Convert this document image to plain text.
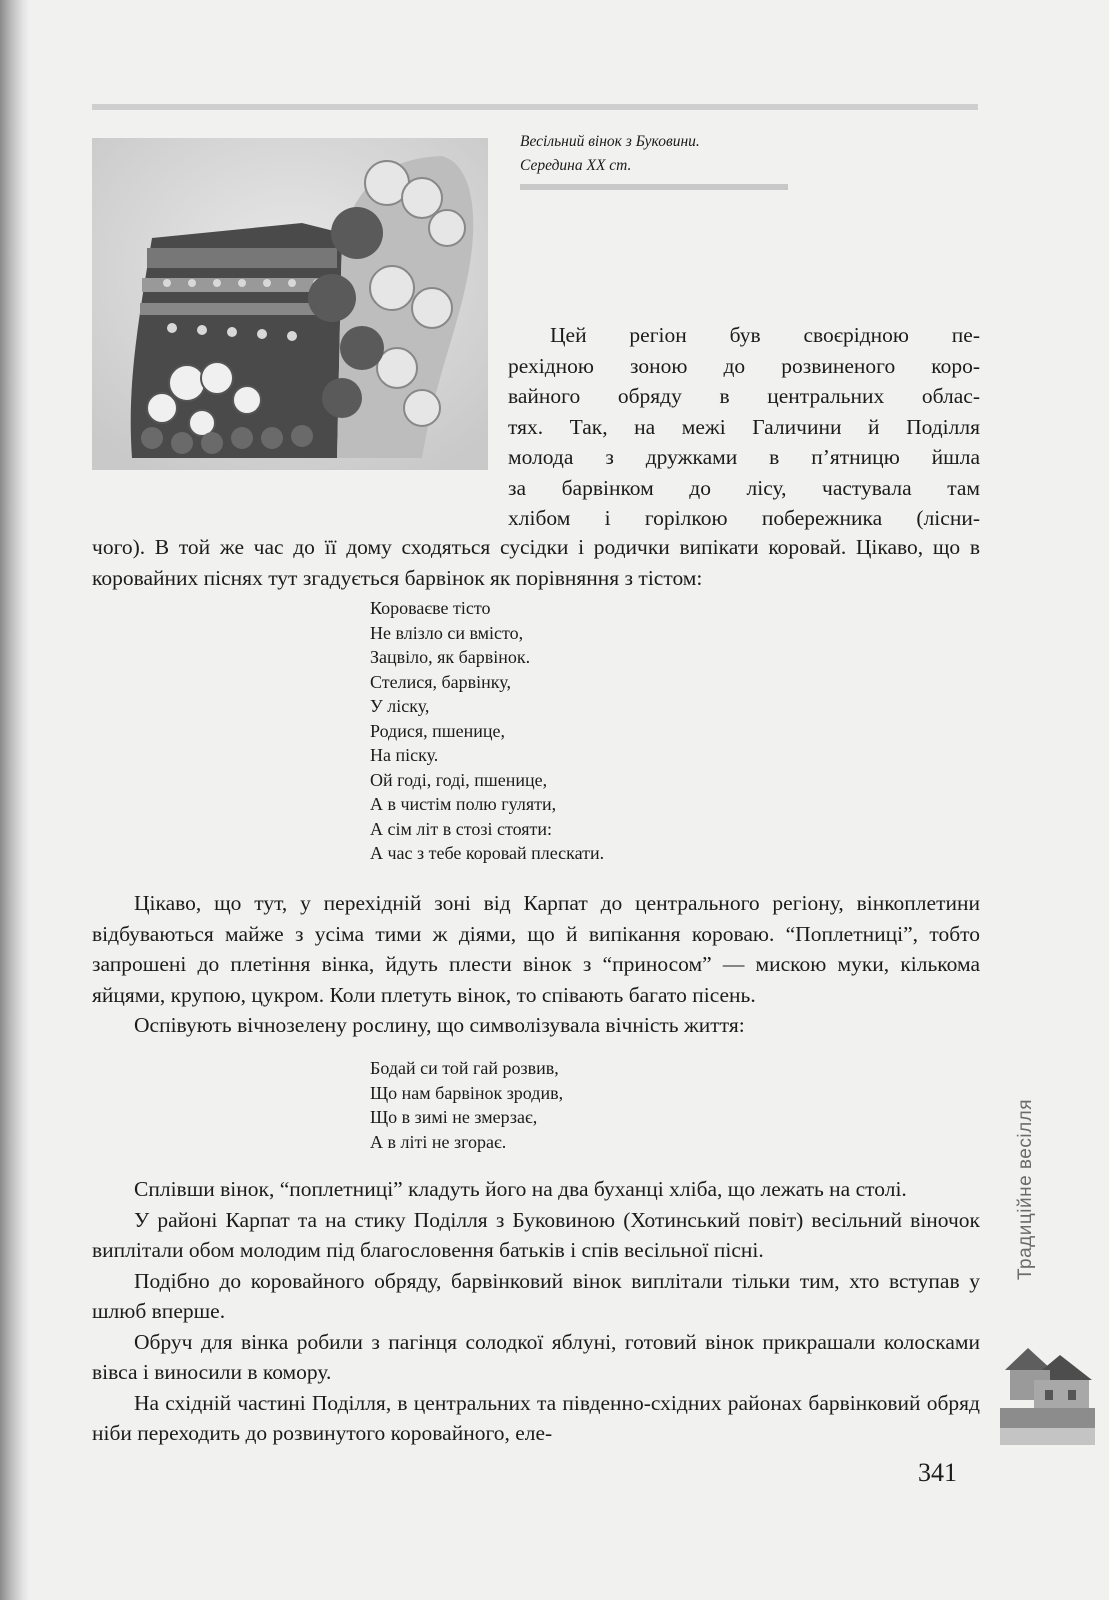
Весільний вінок з Буковини.
Середина XX ст.
Цей регіон був своєрідною пе-
рехідною зоною до розвиненого коро-
вайного обряду в центральних облас-
тях. Так, на межі Галичини й Поділля
молода з дружками в п’ятницю йшла
за барвінком до лісу, частувала там
хлібом і горілкою побережника (лісни-

чого). В той же час до її дому сходяться сусідки і родички випікати коровай. Цікаво, що в коровайних піснях тут згадується барвінок як порівняння з тістом:

Короваєве тісто
Не влізло си вмісто,
Зацвіло, як барвінок.
Стелися, барвінку,
У ліску,
Родися, пшенице,
На піску.
Ой годі, годі, пшенице,
А в чистім полю гуляти,
А сім літ в стозі стояти:
А час з тебе коровай плескати.

Цікаво, що тут, у перехідній зоні від Карпат до центрального регіону, вінкоплетини відбуваються майже з усіма тими ж діями, що й випікання короваю. “Поплетниці”, тобто запрошені до плетіння вінка, йдуть плести вінок з “приносом” — мискою муки, кількома яйцями, крупою, цукром. Коли плетуть вінок, то співають багато пісень.

Оспівують вічнозелену рослину, що символізувала вічність життя:

Бодай си той гай розвив,
Що нам барвінок зродив,
Що в зимі не змерзає,
А в літі не згорає.

Сплівши вінок, “поплетниці” кладуть його на два буханці хліба, що лежать на столі.

У районі Карпат та на стику Поділля з Буковиною (Хотинський повіт) весільний віночок виплітали обом молодим під благословення батьків і спів весільної пісні.

Подібно до коровайного обряду, барвінковий вінок виплітали тільки тим, хто вступав у шлюб вперше.

Обруч для вінка робили з пагінця солодкої яблуні, готовий вінок прикрашали колосками вівса і виносили в комору.

На східній частині Поділля, в центральних та південно-східних районах барвінковий обряд ніби переходить до розвинутого коровайного, еле-

Традиційне весілля
341
